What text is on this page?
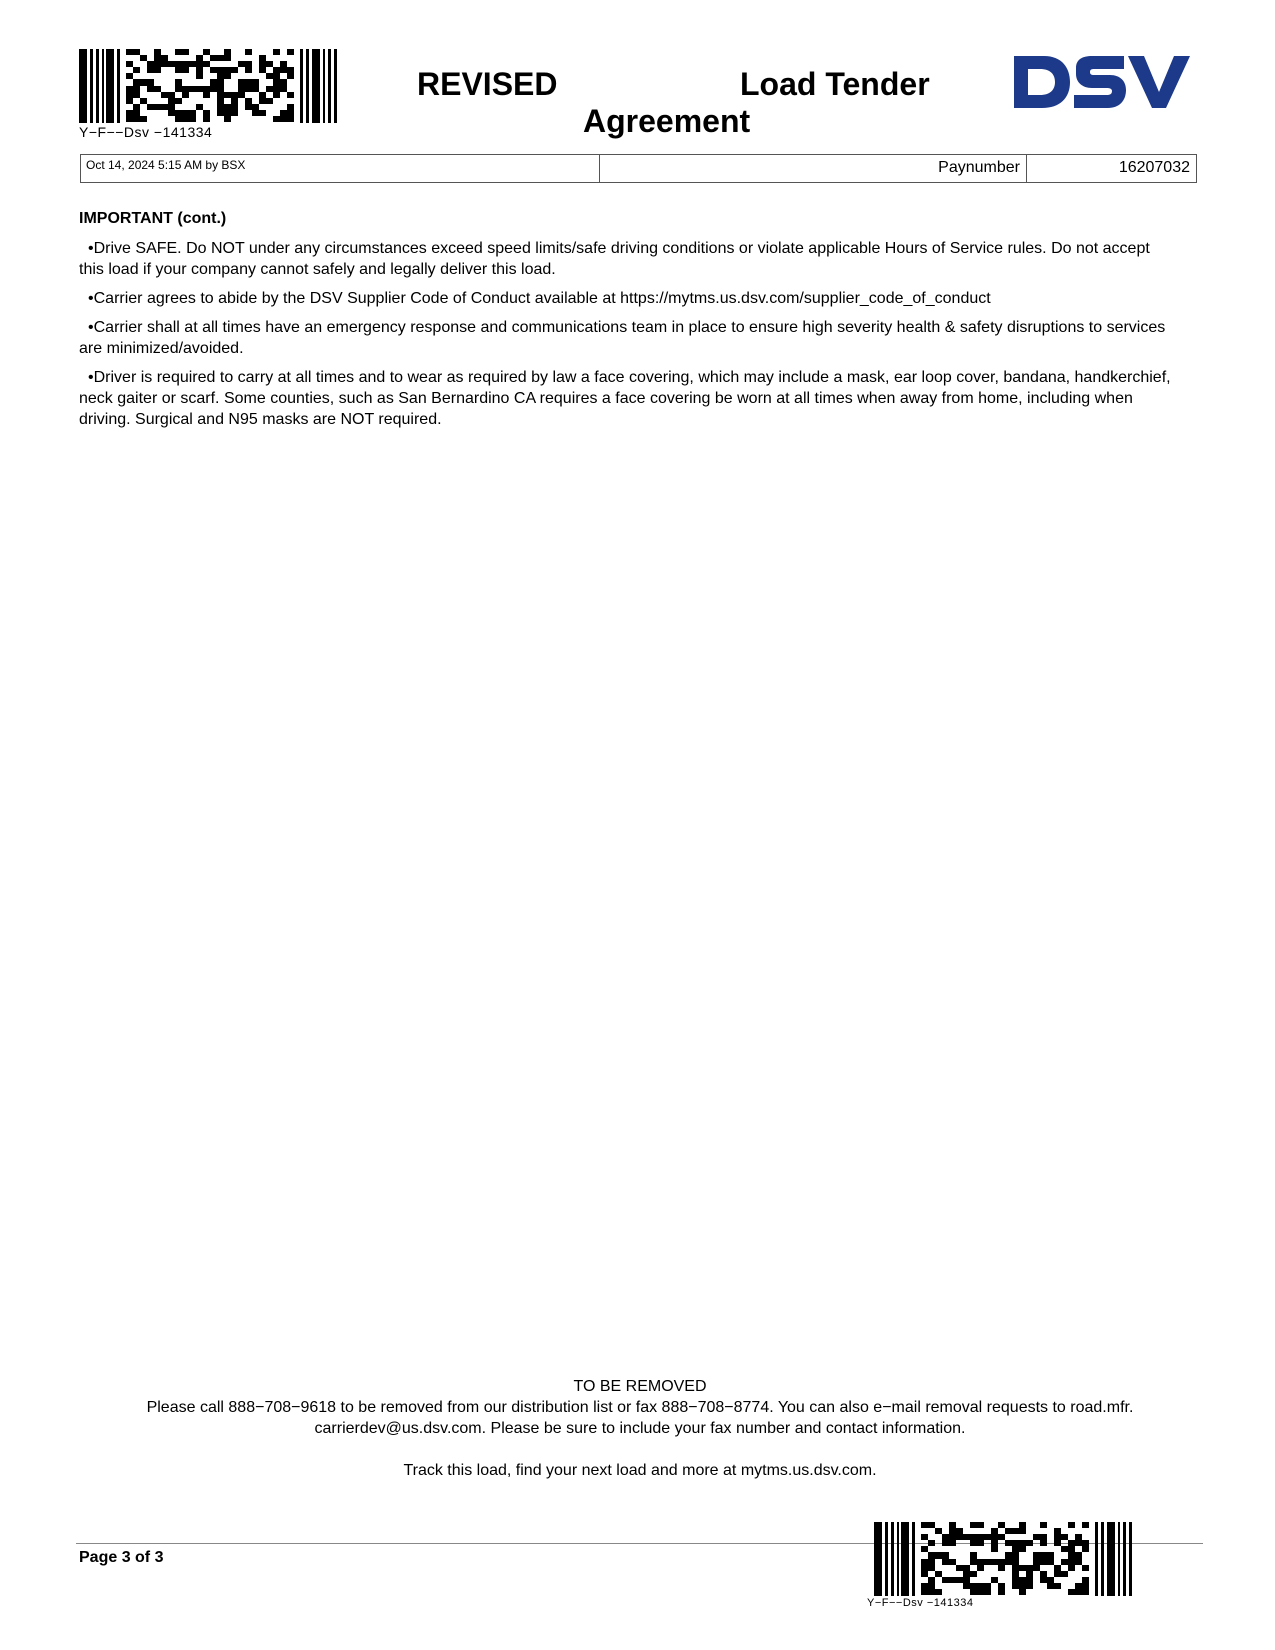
Y−F−−Dsv −141334
REVISED	Load Tender
Agreement
Oct 14, 2024 5:15 AM by BSX	Paynumber	16207032
IMPORTANT (cont.)
•Drive SAFE. Do NOT under any circumstances exceed speed limits/safe driving conditions or violate applicable Hours of Service rules. Do not accept this load if your company cannot safely and legally deliver this load.
•Carrier agrees to abide by the DSV Supplier Code of Conduct available at https://mytms.us.dsv.com/supplier_code_of_conduct
•Carrier shall at all times have an emergency response and communications team in place to ensure high severity health & safety disruptions to services are minimized/avoided.
•Driver is required to carry at all times and to wear as required by law a face covering, which may include a mask, ear loop cover, bandana, handkerchief, neck gaiter or scarf. Some counties, such as San Bernardino CA requires a face covering be worn at all times when away from home, including when driving. Surgical and N95 masks are NOT required.
TO BE REMOVED
Please call 888−708−9618 to be removed from our distribution list or fax 888−708−8774. You can also e−mail removal requests to road.mfr. carrierdev@us.dsv.com. Please be sure to include your fax number and contact information.
Track this load, find your next load and more at mytms.us.dsv.com.
Page 3 of 3
Y−F−−Dsv −141334
